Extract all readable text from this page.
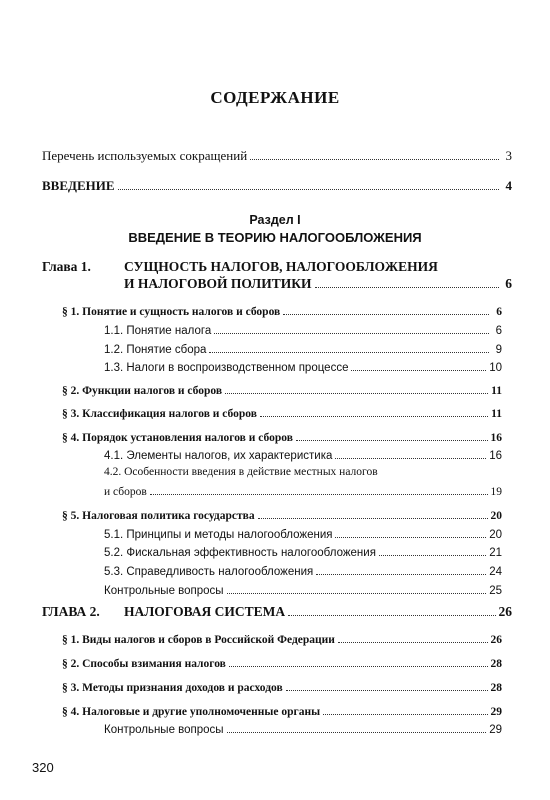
СОДЕРЖАНИЕ
Перечень используемых сокращений	3
ВВЕДЕНИЕ	4
Раздел I
ВВЕДЕНИЕ В ТЕОРИЮ НАЛОГООБЛОЖЕНИЯ
Глава 1. СУЩНОСТЬ НАЛОГОВ, НАЛОГООБЛОЖЕНИЯ
И НАЛОГОВОЙ ПОЛИТИКИ	6
§ 1. Понятие и сущность налогов и сборов	6
1.1. Понятие налога	6
1.2. Понятие сбора	9
1.3. Налоги в воспроизводственном процессе	10
§ 2. Функции налогов и сборов	11
§ 3. Классификация налогов и сборов	11
§ 4. Порядок установления налогов и сборов	16
4.1. Элементы налогов, их характеристика	16
4.2. Особенности введения в действие местных налогов
и сборов	19
§ 5. Налоговая политика государства	20
5.1. Принципы и методы налогообложения	20
5.2. Фискальная эффективность налогообложения	21
5.3. Справедливость налогообложения	24
Контрольные вопросы	25
ГЛАВА 2.	НАЛОГОВАЯ СИСТЕМА	26
§ 1. Виды налогов и сборов в Российской Федерации	26
§ 2. Способы взимания налогов	28
§ 3. Методы признания доходов и расходов	28
§ 4. Налоговые и другие уполномоченные органы	29
Контрольные вопросы	29
320
